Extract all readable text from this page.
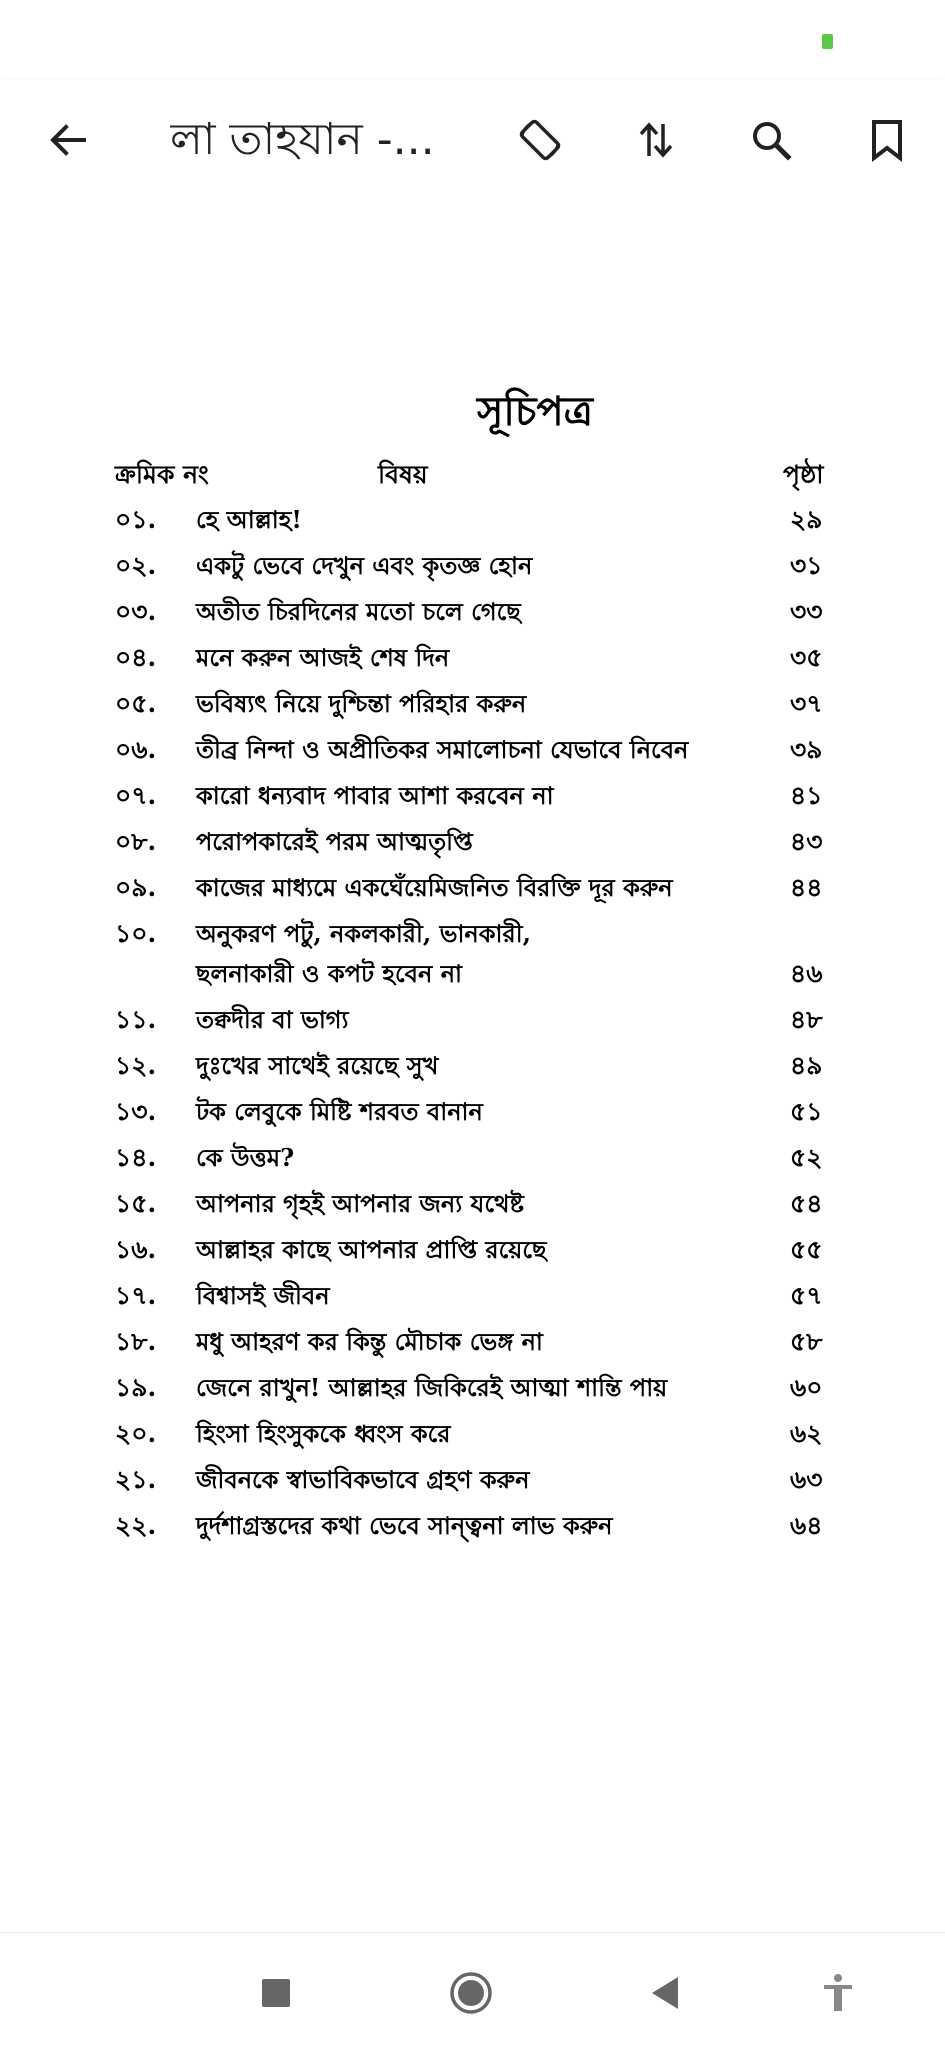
লা তাহযান -...
সূচিপত্র
ক্রমিক নং	বিষয়	পৃষ্ঠা
০১. হে আল্লাহ!	২৯
০২. একটু ভেবে দেখুন এবং কৃতজ্ঞ হোন	৩১
০৩. অতীত চিরদিনের মতো চলে গেছে	৩৩
০৪. মনে করুন আজই শেষ দিন	৩৫
০৫. ভবিষ্যৎ নিয়ে দুশ্চিন্তা পরিহার করুন	৩৭
০৬. তীব্র নিন্দা ও অপ্রীতিকর সমালোচনা যেভাবে নিবেন	৩৯
০৭. কারো ধন্যবাদ পাবার আশা করবেন না	৪১
০৮. পরোপকারেই পরম আত্মতৃপ্তি	৪৩
০৯. কাজের মাধ্যমে একঘেঁয়েমিজনিত বিরক্তি দূর করুন	৪৪
১০. অনুকরণ পটু, নকলকারী, ভানকারী,
ছলনাকারী ও কপট হবেন না	৪৬
১১. তক্বদীর বা ভাগ্য	৪৮
১২. দুঃখের সাথেই রয়েছে সুখ	৪৯
১৩. টক লেবুকে মিষ্টি শরবত বানান	৫১
১৪. কে উত্তম?	৫২
১৫. আপনার গৃহই আপনার জন্য যথেষ্ট	৫৪
১৬. আল্লাহর কাছে আপনার প্রাপ্তি রয়েছে	৫৫
১৭. বিশ্বাসই জীবন	৫৭
১৮. মধু আহরণ কর কিন্তু মৌচাক ভেঙ্গ না	৫৮
১৯. জেনে রাখুন! আল্লাহর জিকিরেই আত্মা শান্তি পায়	৬০
২০. হিংসা হিংসুককে ধ্বংস করে	৬২
২১. জীবনকে স্বাভাবিকভাবে গ্রহণ করুন	৬৩
২২. দুর্দশাগ্রস্তদের কথা ভেবে সান্ত্বনা লাভ করুন	৬৪
